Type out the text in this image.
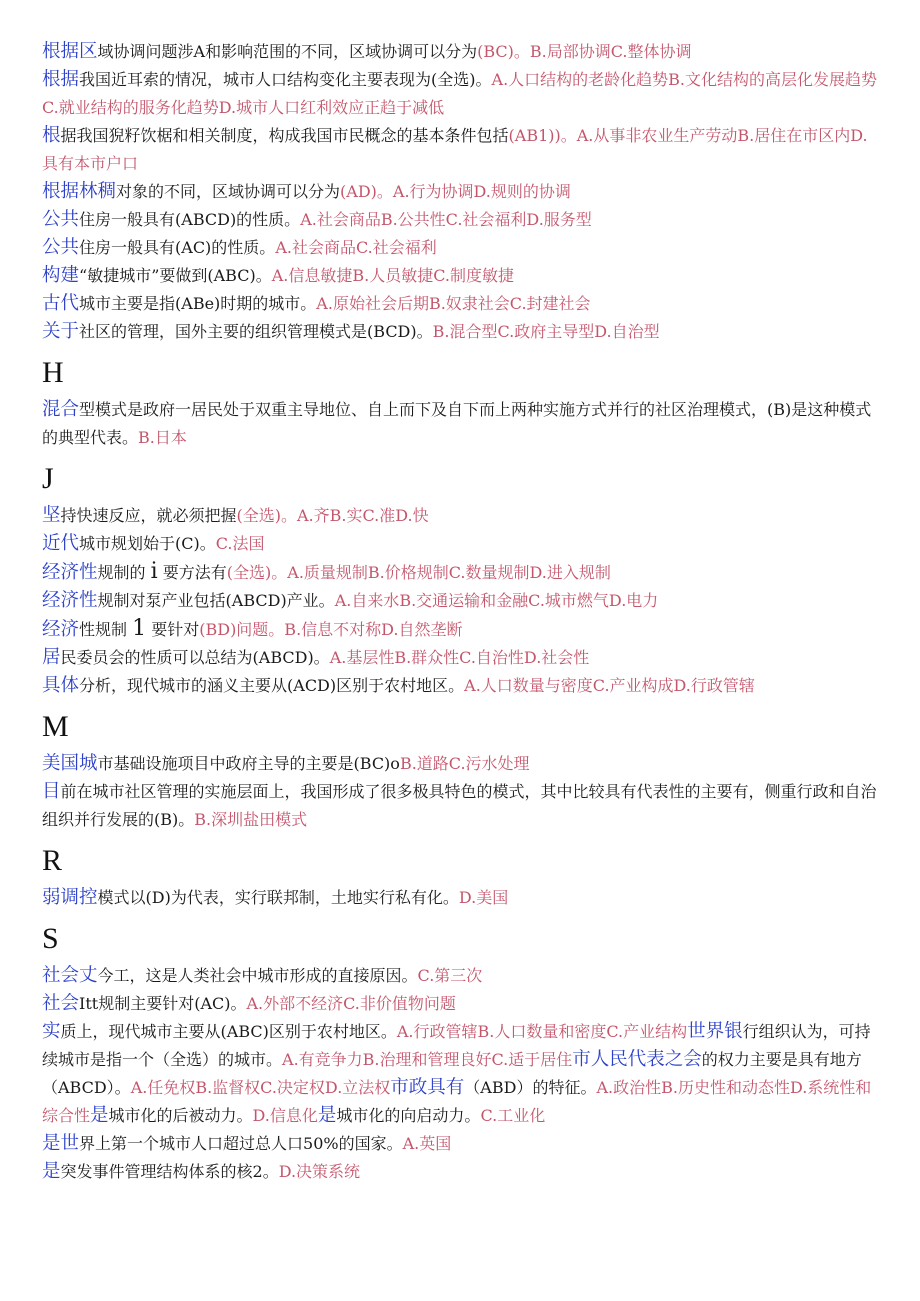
根据区域协调问题涉A和影响范围的不同，区域协调可以分为(BC)。B.局部协调C.整体协调

根据我国近耳索的情况，城市人口结构变化主要表现为(全选)。A.人口结构的老龄化趋势B.文化结构的高层化发展趋势C.就业结构的服务化趋势D.城市人口红利效应正趋于减低

根据我国猊籽饮椐和相关制度，构成我国市民概念的基本条件包括(AB1))。A.从事非农业生产劳动B.居住在市区内D.具有本市户口

根据林稠对象的不同，区域协调可以分为(AD)。A.行为协调D.规则的协调

公共住房一般具有(ABCD)的性质。A.社会商品B.公共性C.社会福利D.服务型

公共住房一般具有(AC)的性质。A.社会商品C.社会福利

构建“敏捷城市”要做到(ABC)。A.信息敏捷B.人员敏捷C.制度敏捷

古代城市主要是指(ABe)时期的城市。A.原始社会后期B.奴隶社会C.封建社会

关于社区的管理，国外主要的组织管理模式是(BCD)。B.混合型C.政府主导型D.自治型

H

混合型模式是政府一居民处于双重主导地位、自上而下及自下而上两种实施方式并行的社区治理模式，(B)是这种模式的典型代表。B.日本

J

坚持快速反应，就必须把握(全选)。A.齐B.实C.准D.快

近代城市规划始于(C)。C.法国

经济性规制的 i 要方法有(全选)。A.质量规制B.价格规制C.数量规制D.进入规制

经济性规制对泵产业包括(ABCD)产业。A.自来水B.交通运输和金融C.城市燃气D.电力

经济性规制 1 要针对(BD)问题。B.信息不对称D.自然垄断

居民委员会的性质可以总结为(ABCD)。A.基层性B.群众性C.自治性D.社会性

具体分析，现代城市的涵义主要从(ACD)区别于农村地区。A.人口数量与密度C.产业构成D.行政管辖

M

美国城市基础设施项目中政府主导的主要是(BC)oB.道路C.污水处理

目前在城市社区管理的实施层面上，我国形成了很多极具特色的模式，其中比较具有代表性的主要有，侧重行政和自治组织并行发展的(B)。B.深圳盐田模式

R

弱调控模式以(D)为代表，实行联邦制，土地实行私有化。D.美国

S

社会丈今工，这是人类社会中城市形成的直接原因。C.第三次

社会Itt规制主要针对(AC)。A.外部不经济C.非价值物问题

实质上，现代城市主要从(ABC)区别于农村地区。A.行政管辖B.人口数量和密度C.产业结构世界银行组织认为，可持续城市是指一个（全选）的城市。A.有竞争力B.治理和管理良好C.适于居住市人民代表之会的权力主要是具有地方（ABCD）。A.任免权B.监督权C.决定权D.立法权市政具有（ABD）的特征。A.政治性B.历史性和动态性D.系统性和综合性是城市化的后被动力。D.信息化是城市化的向启动力。C.工业化

是世界上第一个城市人口超过总人口50%的国家。A.英国

是突发事件管理结构体系的核2。D.决策系统
